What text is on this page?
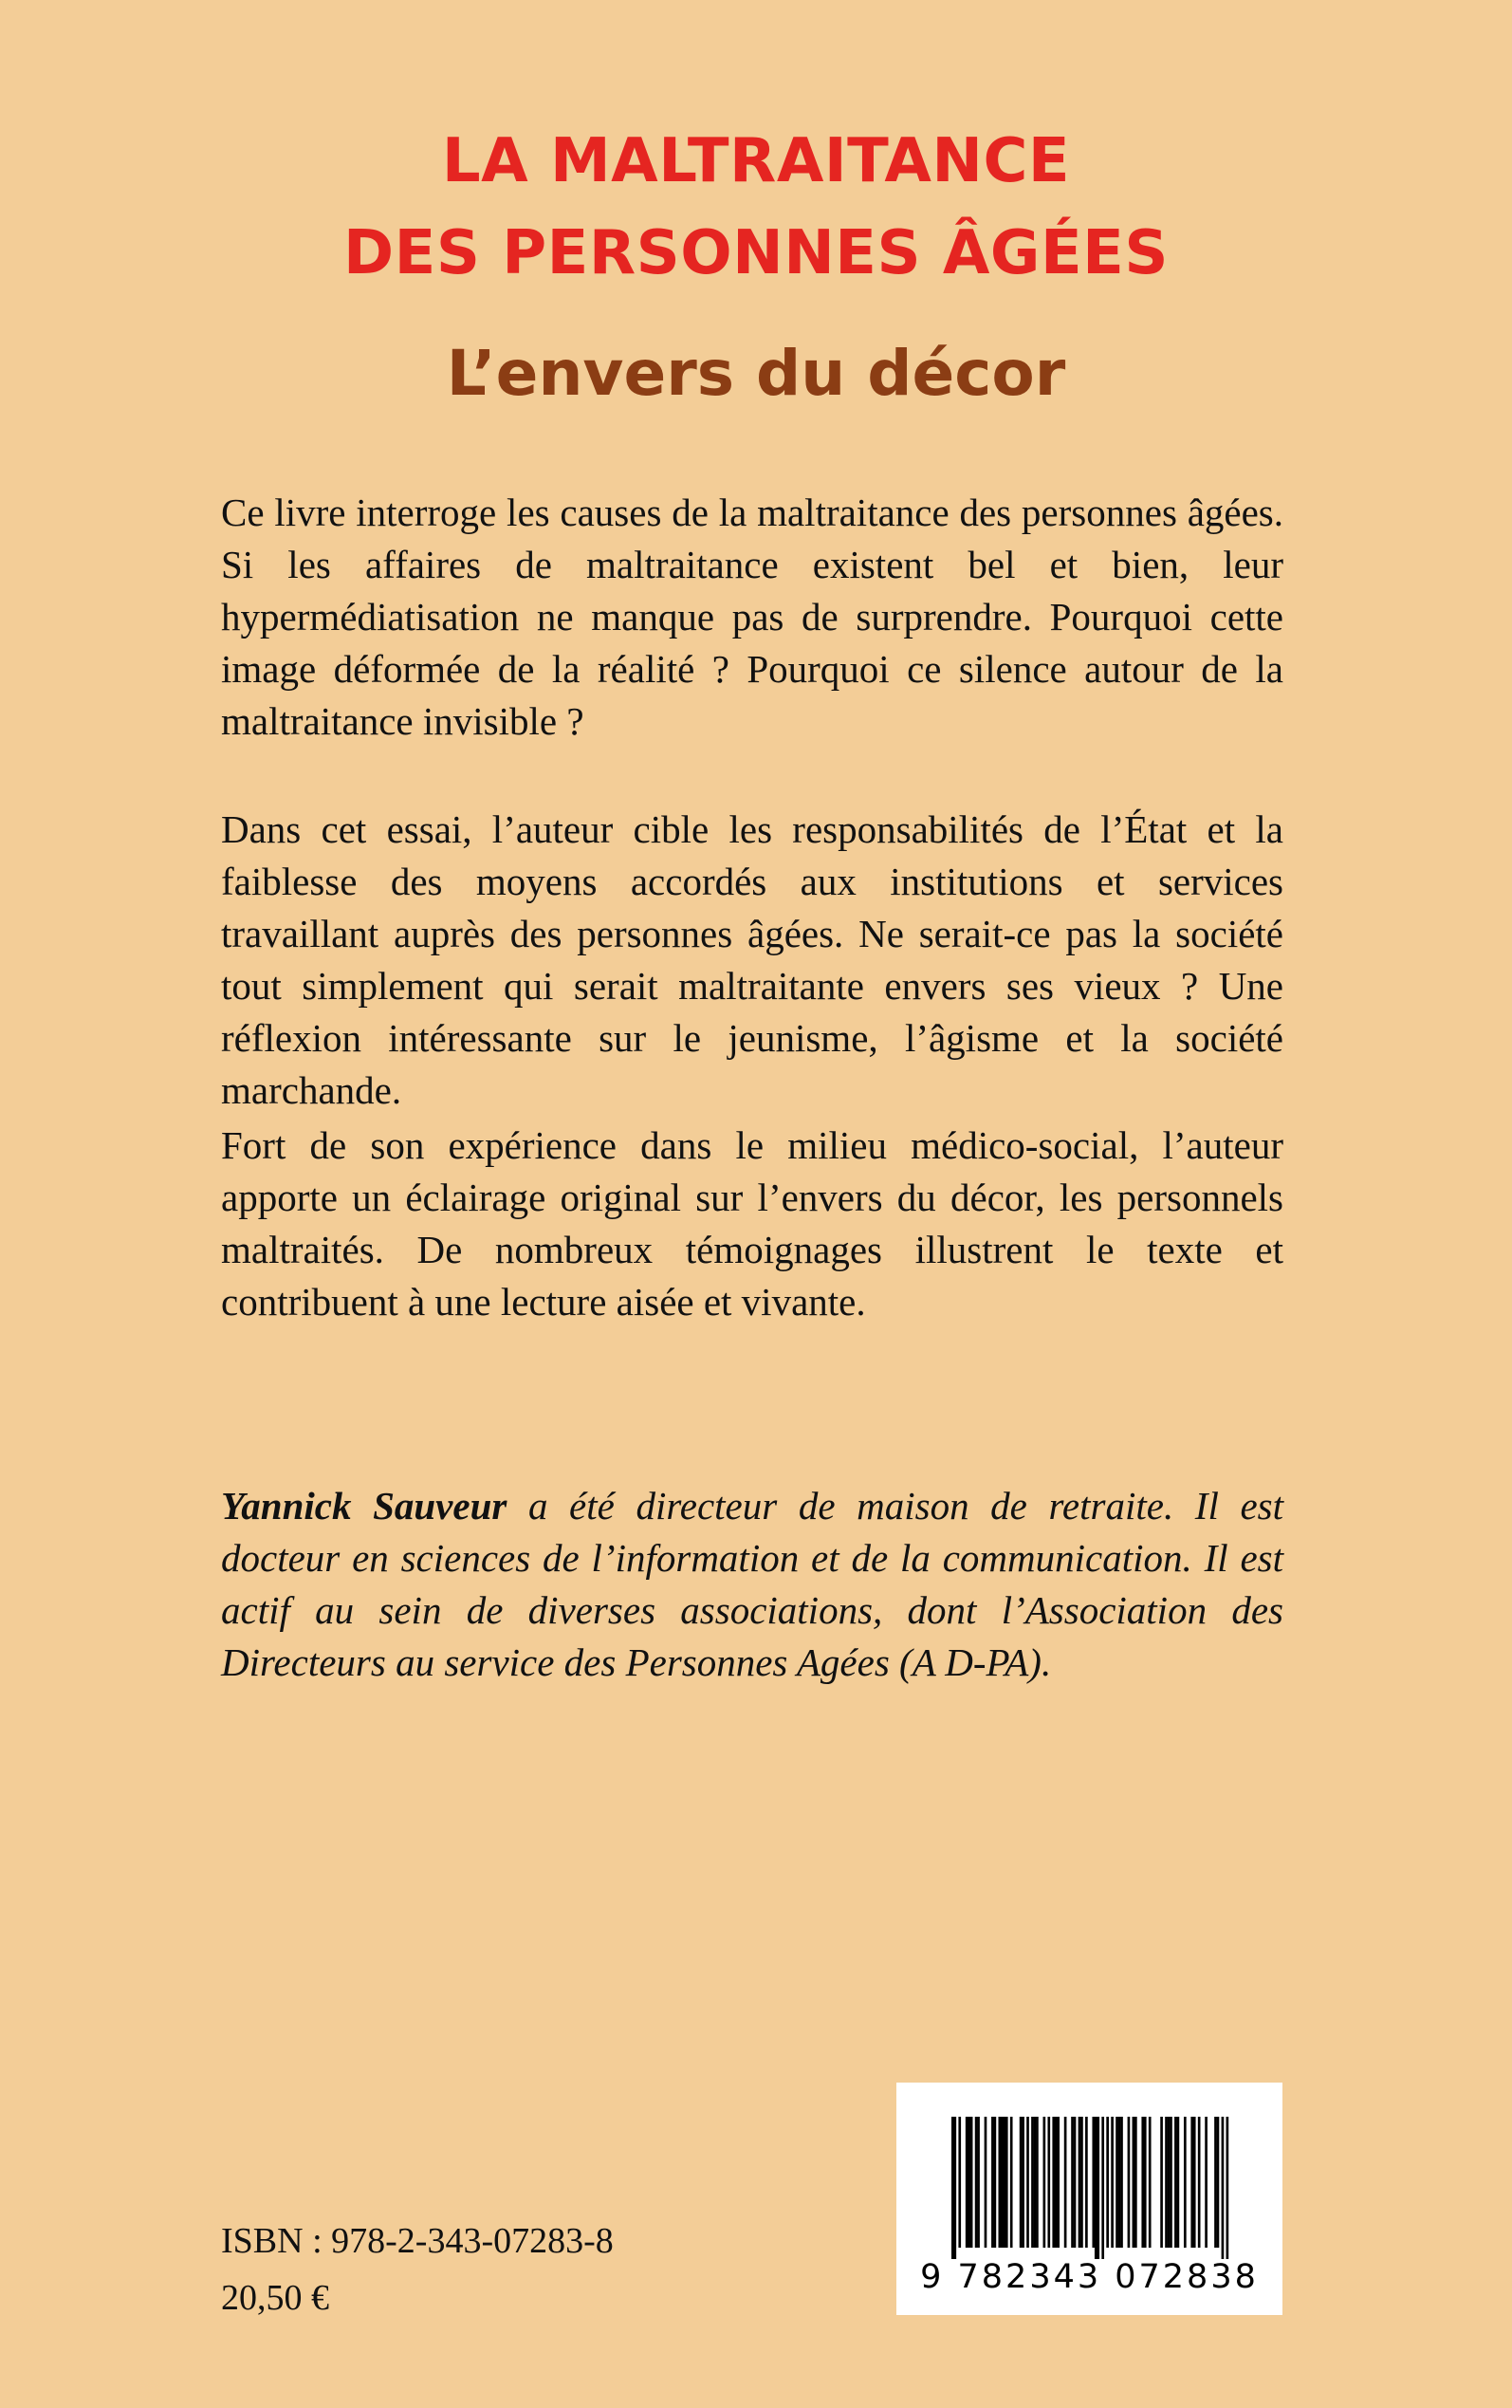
LA MALTRAITANCE
DES PERSONNES ÂGÉES
L’envers du décor

Ce livre interroge les causes de la maltraitance des personnes âgées. Si les affaires de maltraitance existent bel et bien, leur hypermédiatisation ne manque pas de surprendre. Pourquoi cette image déformée de la réalité ? Pourquoi ce silence autour de la maltraitance invisible ?

Dans cet essai, l’auteur cible les responsabilités de l’État et la faiblesse des moyens accordés aux institutions et services travaillant auprès des personnes âgées. Ne serait-ce pas la société tout simplement qui serait maltraitante envers ses vieux ? Une réflexion intéressante sur le jeunisme, l’âgisme et la société marchande.

Fort de son expérience dans le milieu médico-social, l’auteur apporte un éclairage original sur l’envers du décor, les personnels maltraités. De nombreux témoignages illustrent le texte et contribuent à une lecture aisée et vivante.

Yannick Sauveur a été directeur de maison de retraite. Il est docteur en sciences de l’information et de la communication. Il est actif au sein de diverses associations, dont l’Association des Directeurs au service des Personnes Agées (A D-PA).

ISBN : 978-2-343-07283-8

20,50 €

9 782343 072838
